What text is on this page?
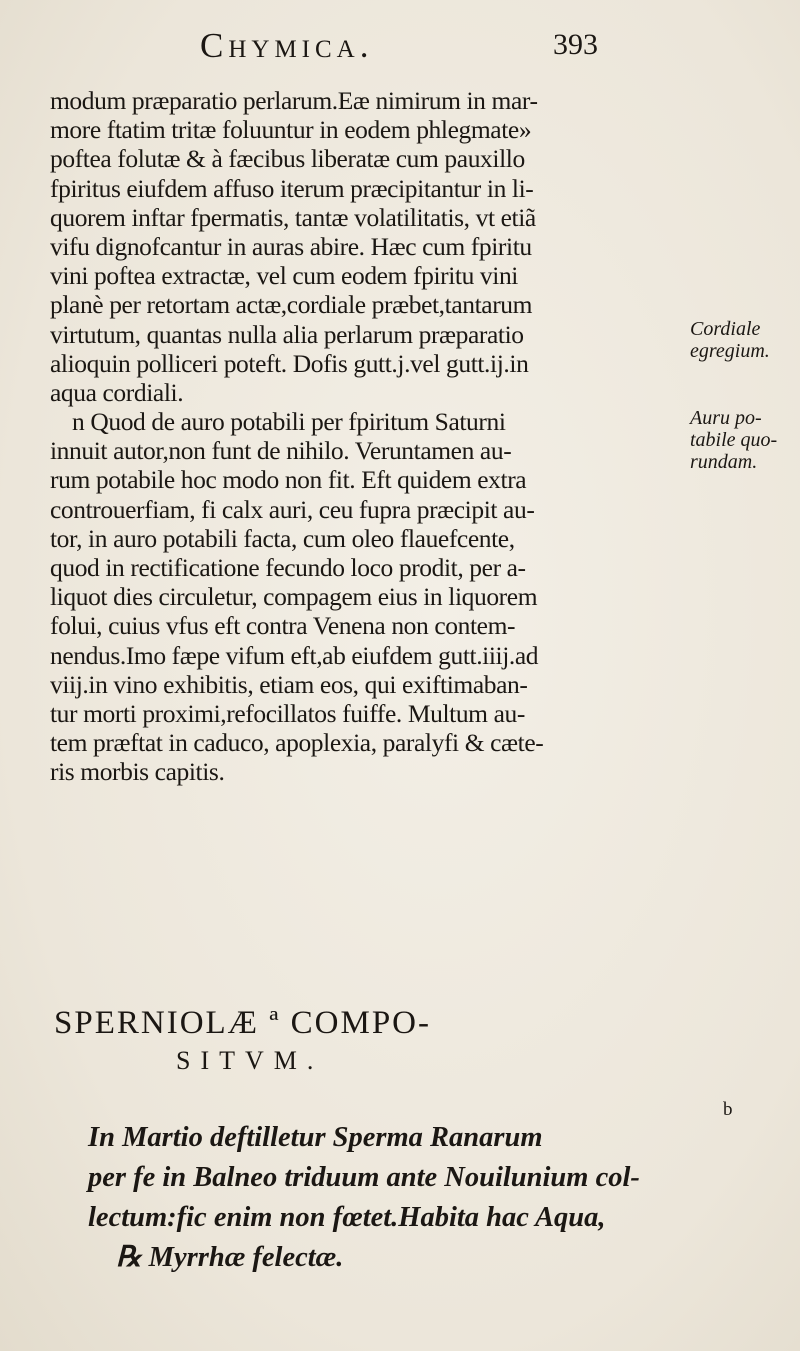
Chymica.	393
modum præparatio perlarum.Eæ nimirum in mar-
more ftatim tritæ foluuntur in eodem phlegmate»
poftea folutæ & à fæcibus liberatæ cum pauxillo
fpiritus eiufdem affuso iterum præcipitantur in li-
quorem inftar fpermatis, tantæ volatilitatis, vt etiã
vifu dignofcantur in auras abire. Hæc cum fpiritu
vini poftea extractæ, vel cum eodem fpiritu vini
planè per retortam actæ,cordiale præbet,tantarum
virtutum, quantas nulla alia perlarum præparatio
alioquin polliceri poteft. Dofis gutt.j.vel gutt.ij.in
aqua cordiali.
n Quod de auro potabili per fpiritum Saturni
innuit autor,non funt de nihilo. Veruntamen au-
rum potabile hoc modo non fit. Eft quidem extra
controuerfiam, fi calx auri, ceu fupra præcipit au-
tor, in auro potabili facta, cum oleo flauefcente,
quod in rectificatione fecundo loco prodit, per a-
liquot dies circuletur, compagem eius in liquorem
folui, cuius vfus eft contra Venena non contem-
nendus.Imo fæpe vifum eft,ab eiufdem gutt.iiij.ad
viij.in vino exhibitis, etiam eos, qui exiftimaban-
tur morti proximi,refocillatos fuiffe. Multum au-
tem præftat in caduco, apoplexia, paralyfi & cæte-
ris morbis capitis.
Cordiale
egregium.
Auru po-
tabile quo-
rundam.
SPERNIOLÆ ª COMPO-
SITVM.
b
In Martio deftilletur Sperma Ranarum
per fe in Balneo triduum ante Nouilunium col-
lectum:fic enim non fœtet.Habita hac Aqua,
℞ Myrrhæ felectæ.
